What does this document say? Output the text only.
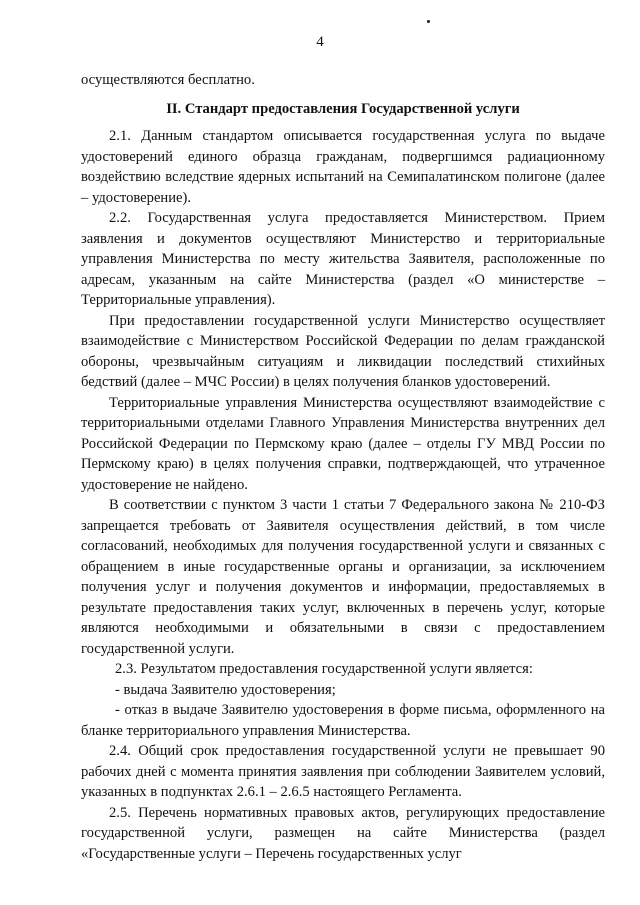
4

осуществляются бесплатно.

II. Стандарт предоставления Государственной услуги

2.1. Данным стандартом описывается государственная услуга по выдаче удостоверений единого образца гражданам, подвергшимся радиационному воздействию вследствие ядерных испытаний на Семипалатинском полигоне (далее – удостоверение).

2.2. Государственная услуга предоставляется Министерством. Прием заявления и документов осуществляют Министерство и территориальные управления Министерства по месту жительства Заявителя, расположенные по адресам, указанным на сайте Министерства (раздел «О министерстве – Территориальные управления).

При предоставлении государственной услуги Министерство осуществляет взаимодействие с Министерством Российской Федерации по делам гражданской обороны, чрезвычайным ситуациям и ликвидации последствий стихийных бедствий (далее – МЧС России) в целях получения бланков удостоверений.

Территориальные управления Министерства осуществляют взаимодействие с территориальными отделами Главного Управления Министерства внутренних дел Российской Федерации по Пермскому краю (далее – отделы ГУ МВД России по Пермскому краю) в целях получения справки, подтверждающей, что утраченное удостоверение не найдено.

В соответствии с пунктом 3 части 1 статьи 7 Федерального закона № 210-ФЗ запрещается требовать от Заявителя осуществления действий, в том числе согласований, необходимых для получения государственной услуги и связанных с обращением в иные государственные органы и организации, за исключением получения услуг и получения документов и информации, предоставляемых в результате предоставления таких услуг, включенных в перечень услуг, которые являются необходимыми и обязательными в связи с предоставлением государственной услуги.

2.3. Результатом предоставления государственной услуги является:

- выдача Заявителю удостоверения;

- отказ в выдаче Заявителю удостоверения в форме письма, оформленного на бланке территориального управления Министерства.

2.4. Общий срок предоставления государственной услуги не превышает 90 рабочих дней с момента принятия заявления при соблюдении Заявителем условий, указанных в подпунктах 2.6.1 – 2.6.5 настоящего Регламента.

2.5. Перечень нормативных правовых актов, регулирующих предоставление государственной услуги, размещен на сайте Министерства (раздел «Государственные услуги – Перечень государственных услуг
